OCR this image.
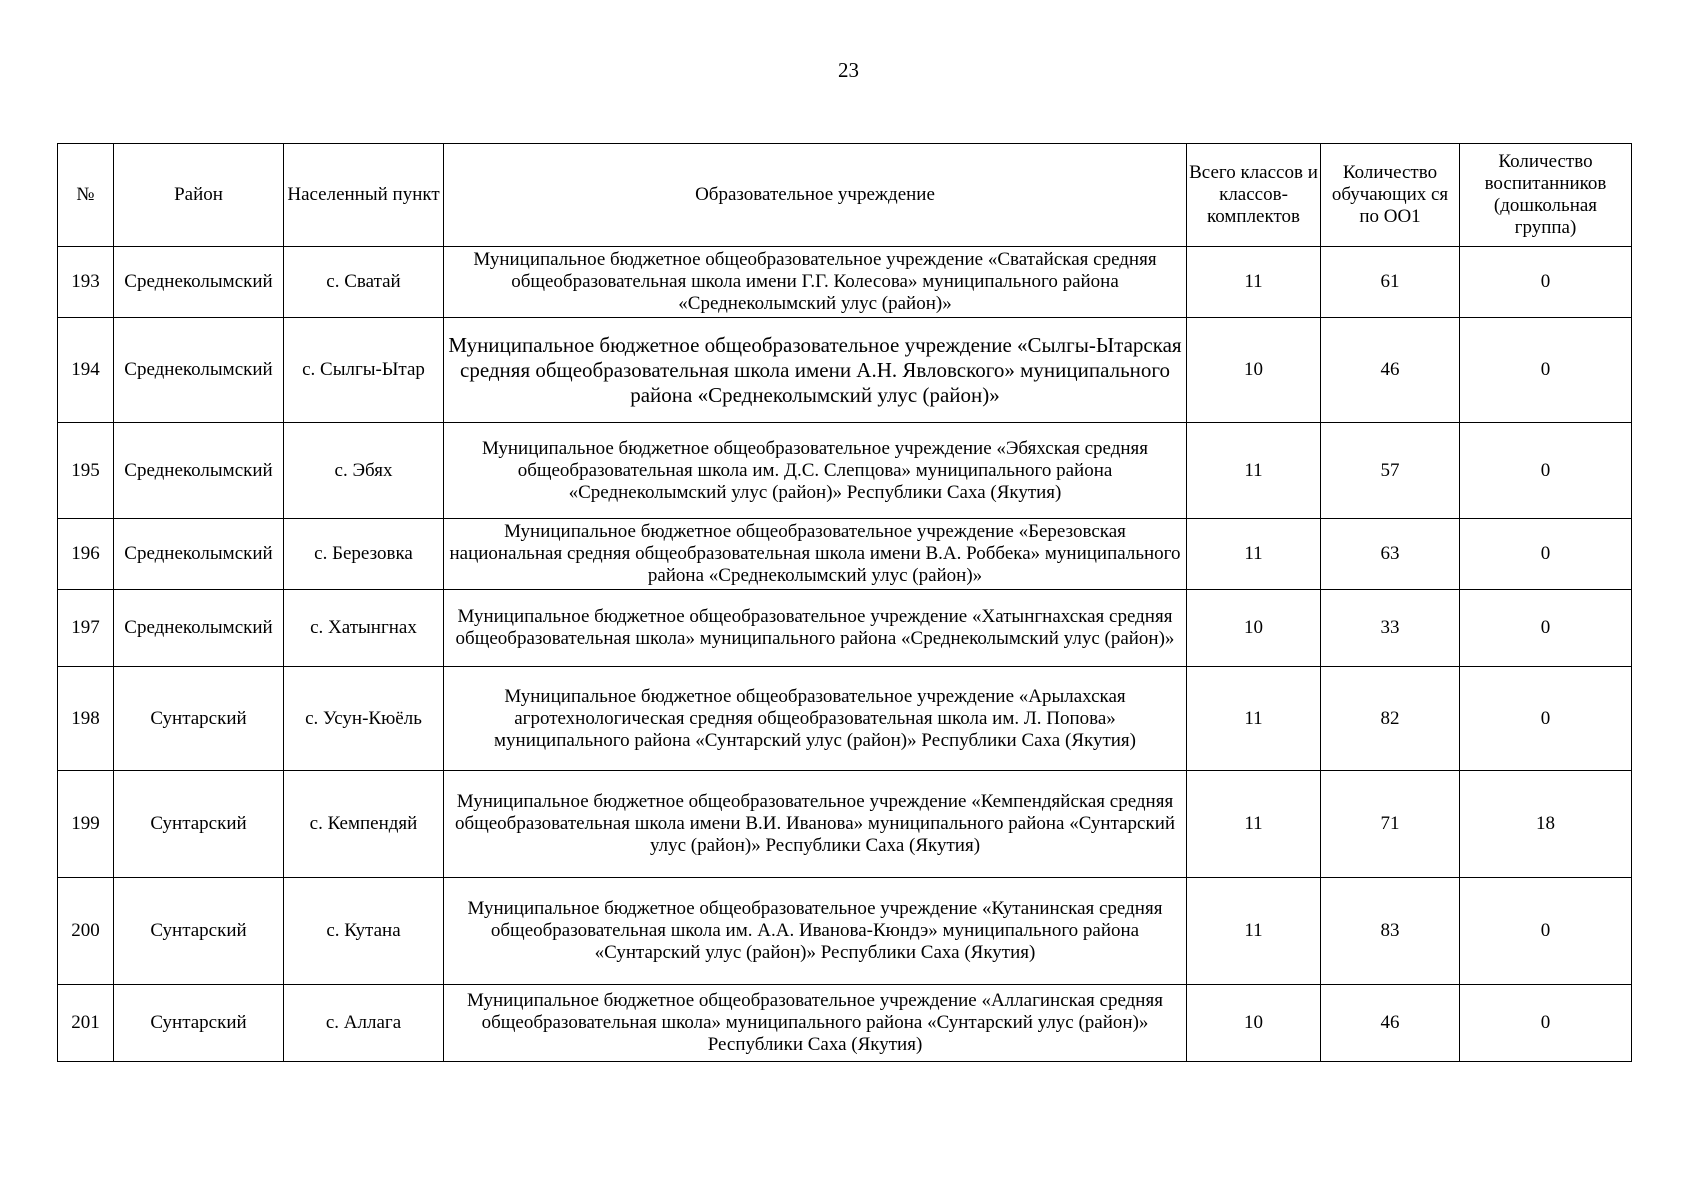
23
№	Район	Населенный пункт	Образовательное учреждение	Всего классов и классов-комплектов	Количество обучающих ся по ОО1	Количество воспитанников (дошкольная группа)
193	Среднеколымский	с. Сватай	Муниципальное бюджетное общеобразовательное учреждение «Сватайская средняя общеобразовательная школа имени Г.Г. Колесова» муниципального района «Среднеколымский улус (район)»	11	61	0
194	Среднеколымский	с. Сылгы-Ытар	Муниципальное бюджетное общеобразовательное учреждение «Сылгы-Ытарская средняя общеобразовательная школа имени А.Н. Явловского» муниципального района «Среднеколымский улус (район)»	10	46	0
195	Среднеколымский	с. Эбях	Муниципальное бюджетное общеобразовательное учреждение «Эбяхская средняя общеобразовательная школа им. Д.С. Слепцова» муниципального района «Среднеколымский улус (район)» Республики Саха (Якутия)	11	57	0
196	Среднеколымский	с. Березовка	Муниципальное бюджетное общеобразовательное учреждение «Березовская национальная средняя общеобразовательная школа имени В.А. Роббека» муниципального района «Среднеколымский улус (район)»	11	63	0
197	Среднеколымский	с. Хатынгнах	Муниципальное бюджетное общеобразовательное учреждение «Хатынгнахская средняя общеобразовательная школа» муниципального района «Среднеколымский улус (район)»	10	33	0
198	Сунтарский	с. Усун-Кюёль	Муниципальное бюджетное общеобразовательное учреждение «Арылахская агротехнологическая средняя общеобразовательная школа им. Л. Попова» муниципального района «Сунтарский улус (район)» Республики Саха (Якутия)	11	82	0
199	Сунтарский	с. Кемпендяй	Муниципальное бюджетное общеобразовательное учреждение «Кемпендяйская средняя общеобразовательная школа имени В.И. Иванова» муниципального района «Сунтарский улус (район)» Республики Саха (Якутия)	11	71	18
200	Сунтарский	с. Кутана	Муниципальное бюджетное общеобразовательное учреждение «Кутанинская средняя общеобразовательная школа им. А.А. Иванова-Кюндэ» муниципального района «Сунтарский улус (район)» Республики Саха (Якутия)	11	83	0
201	Сунтарский	с. Аллага	Муниципальное бюджетное общеобразовательное учреждение «Аллагинская средняя общеобразовательная школа» муниципального района «Сунтарский улус (район)» Республики Саха (Якутия)	10	46	0
